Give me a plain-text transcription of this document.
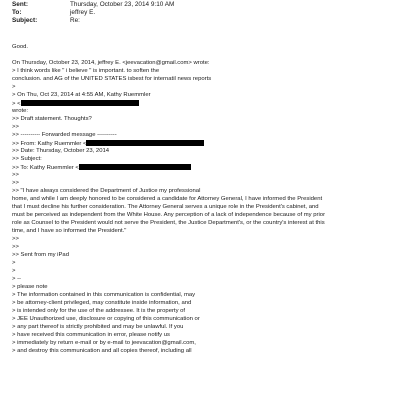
Sent:	Thursday, October 23, 2014 9:10 AM
To:	jeffrey E.
Subject:	Re:
Good.
On Thursday, October 23, 2014, jeffrey E. <jeevacation@gmail.com> wrote:
> I think words like " i believe " is important. to soften the
conclusion. and AG of the UNITED STATES isbest for internatil news reports
>
> On Thu, Oct 23, 2014 at 4:55 AM, Kathy Ruemmler
> <
wrote:
>> Draft statement. Thoughts?
>>
>> ---------- Forwarded message ----------
>> From: Kathy Ruemmler <
>> Date: Thursday, October 23, 2014
>> Subject:
>> To: Kathy Ruemmler <
>>
>>
>> "I have always considered the Department of Justice my professional
home, and while I am deeply honored to be considered a candidate for Attorney General, I have informed the President
that I must decline his further consideration. The Attorney General serves a unique role in the President's cabinet, and
must be perceived as independent from the White House. Any perception of a lack of independence because of my prior
role as Counsel to the President would not serve the President, the Justice Department's, or the country's interest at this
time, and I have so informed the President."
>>
>>
>> Sent from my iPad
>
>
> --
> please note
> The information contained in this communication is confidential, may
> be attorney-client privileged, may constitute inside information, and
> is intended only for the use of the addressee. It is the property of
> JEE Unauthorized use, disclosure or copying of this communication or
> any part thereof is strictly prohibited and may be unlawful. If you
> have received this communication in error, please notify us
> immediately by return e-mail or by e-mail to jeevacation@gmail.com,
> and destroy this communication and all copies thereof, including all
